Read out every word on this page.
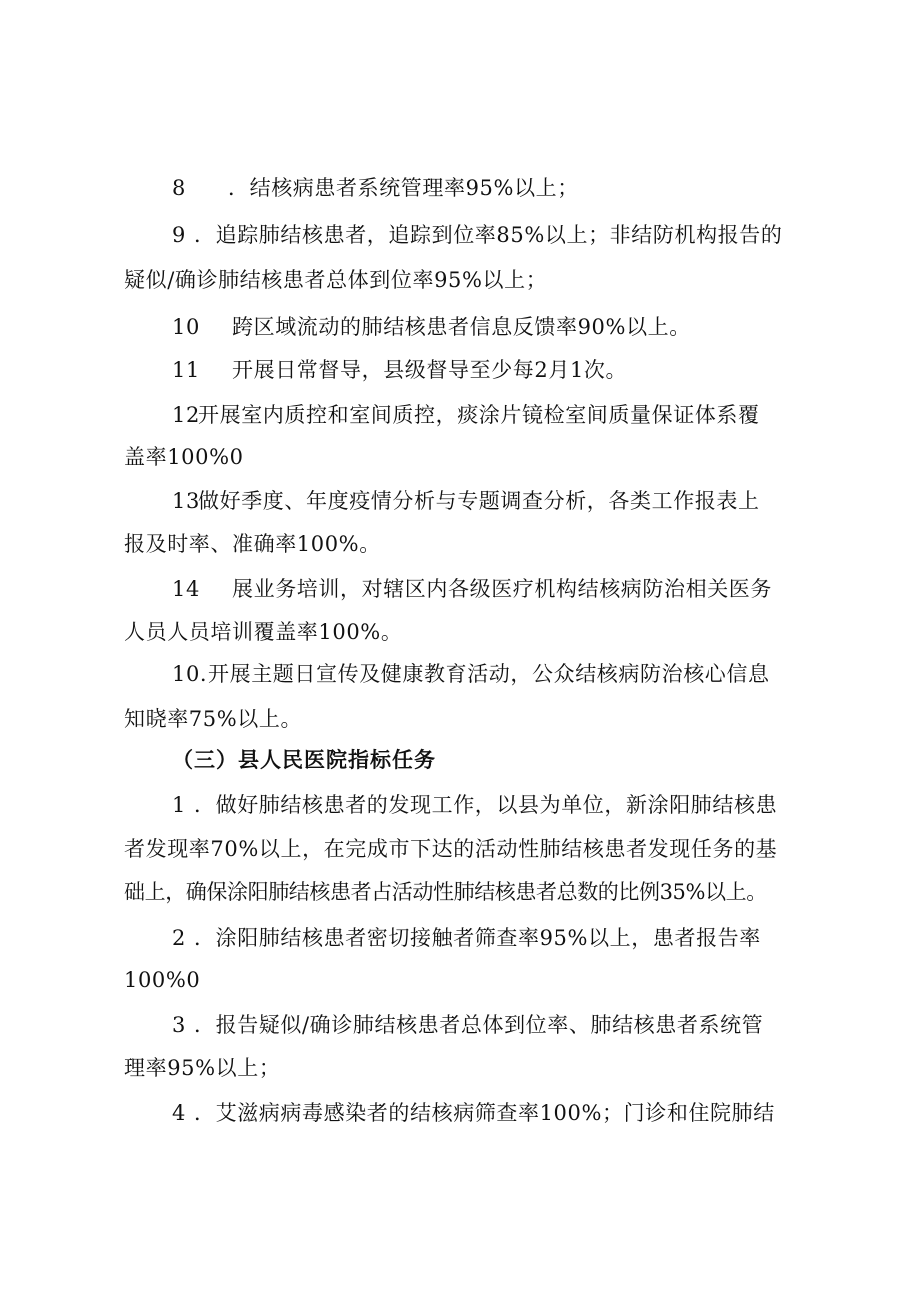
8 ．结核病患者系统管理率95%以上；
9 ．追踪肺结核患者，追踪到位率85%以上；非结防机构报告的
疑似/确诊肺结核患者总体到位率95%以上；
10 跨区域流动的肺结核患者信息反馈率90%以上。
11 开展日常督导，县级督导至少每2月1次。
12开展室内质控和室间质控，痰涂片镜检室间质量保证体系覆
盖率100%0
13做好季度、年度疫情分析与专题调查分析，各类工作报表上
报及时率、准确率100%。
14 展业务培训，对辖区内各级医疗机构结核病防治相关医务
人员人员培训覆盖率100%。
10.开展主题日宣传及健康教育活动，公众结核病防治核心信息
知晓率75%以上。
（三）县人民医院指标任务
1 ．做好肺结核患者的发现工作，以县为单位，新涂阳肺结核患
者发现率70%以上，在完成市下达的活动性肺结核患者发现任务的基
础上，确保涂阳肺结核患者占活动性肺结核患者总数的比例35%以上。
2 ．涂阳肺结核患者密切接触者筛查率95%以上，患者报告率
100%0
3 ．报告疑似/确诊肺结核患者总体到位率、肺结核患者系统管
理率95%以上；
4 ．艾滋病病毒感染者的结核病筛查率100%；门诊和住院肺结
